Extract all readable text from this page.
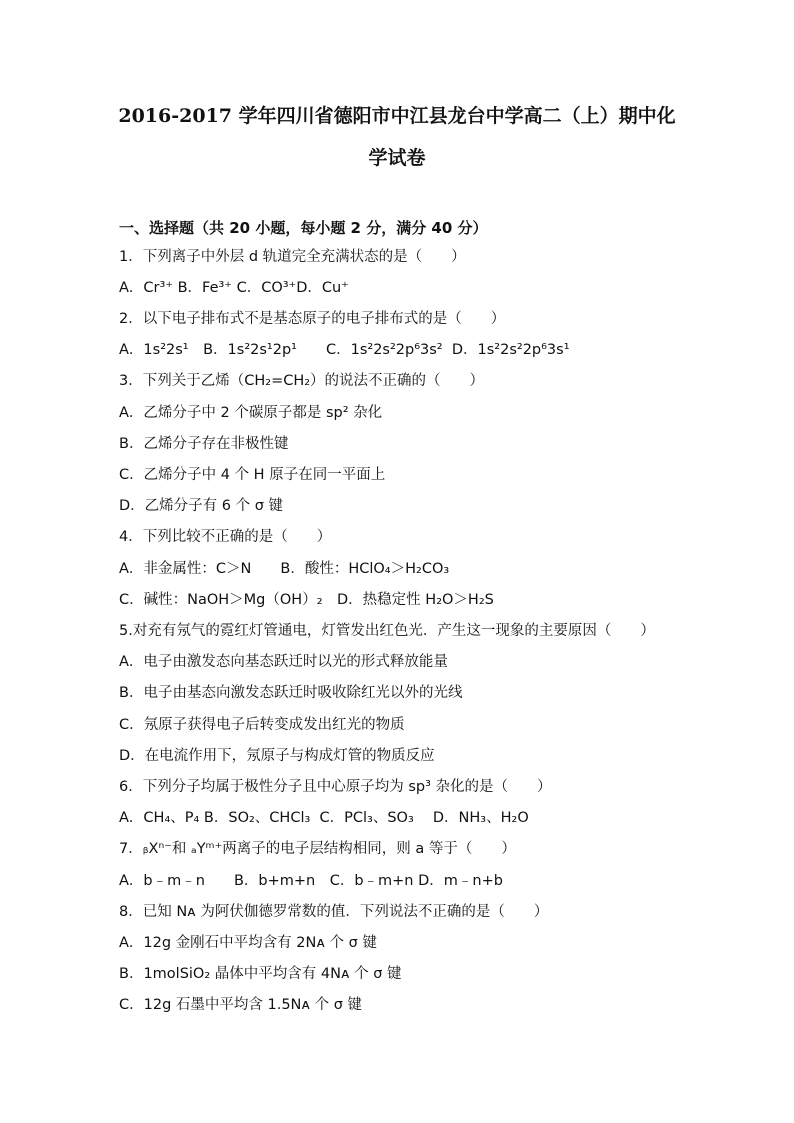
2016-2017 学年四川省德阳市中江县龙台中学高二（上）期中化
学试卷
一、选择题（共 20 小题，每小题 2 分，满分 40 分）
1．下列离子中外层 d 轨道完全充满状态的是（　　）
A．Cr³⁺ B．Fe³⁺ C．CO³⁺D．Cu⁺
2．以下电子排布式不是基态原子的电子排布式的是（　　）
A．1s²2s¹　B．1s²2s¹2p¹　　C．1s²2s²2p⁶3s²  D．1s²2s²2p⁶3s¹
3．下列关于乙烯（CH₂=CH₂）的说法不正确的（　　）
A．乙烯分子中 2 个碳原子都是 sp² 杂化
B．乙烯分子存在非极性键
C．乙烯分子中 4 个 H 原子在同一平面上
D．乙烯分子有 6 个 σ 键
4．下列比较不正确的是（　　）
A．非金属性：C＞N　　B．酸性：HClO₄＞H₂CO₃
C．碱性：NaOH＞Mg（OH）₂　D．热稳定性 H₂O＞H₂S
5.对充有氖气的霓红灯管通电，灯管发出红色光．产生这一现象的主要原因（　　）
A．电子由激发态向基态跃迁时以光的形式释放能量
B．电子由基态向激发态跃迁时吸收除红光以外的光线
C．氖原子获得电子后转变成发出红光的物质
D．在电流作用下，氖原子与构成灯管的物质反应
6．下列分子均属于极性分子且中心原子均为 sp³ 杂化的是（　　）
A．CH₄、P₄ B．SO₂、CHCl₃  C．PCl₃、SO₃　 D．NH₃、H₂O
7．ᵦXⁿ⁻和 ₐYᵐ⁺两离子的电子层结构相同，则 a 等于（　　）
A．b﹣m﹣n　　B．b+m+n　C．b﹣m+n D．m﹣n+b
8．已知 Nᴀ 为阿伏伽德罗常数的值．下列说法不正确的是（　　）
A．12g 金刚石中平均含有 2Nᴀ 个 σ 键
B．1molSiO₂ 晶体中平均含有 4Nᴀ 个 σ 键
C．12g 石墨中平均含 1.5Nᴀ 个 σ 键
